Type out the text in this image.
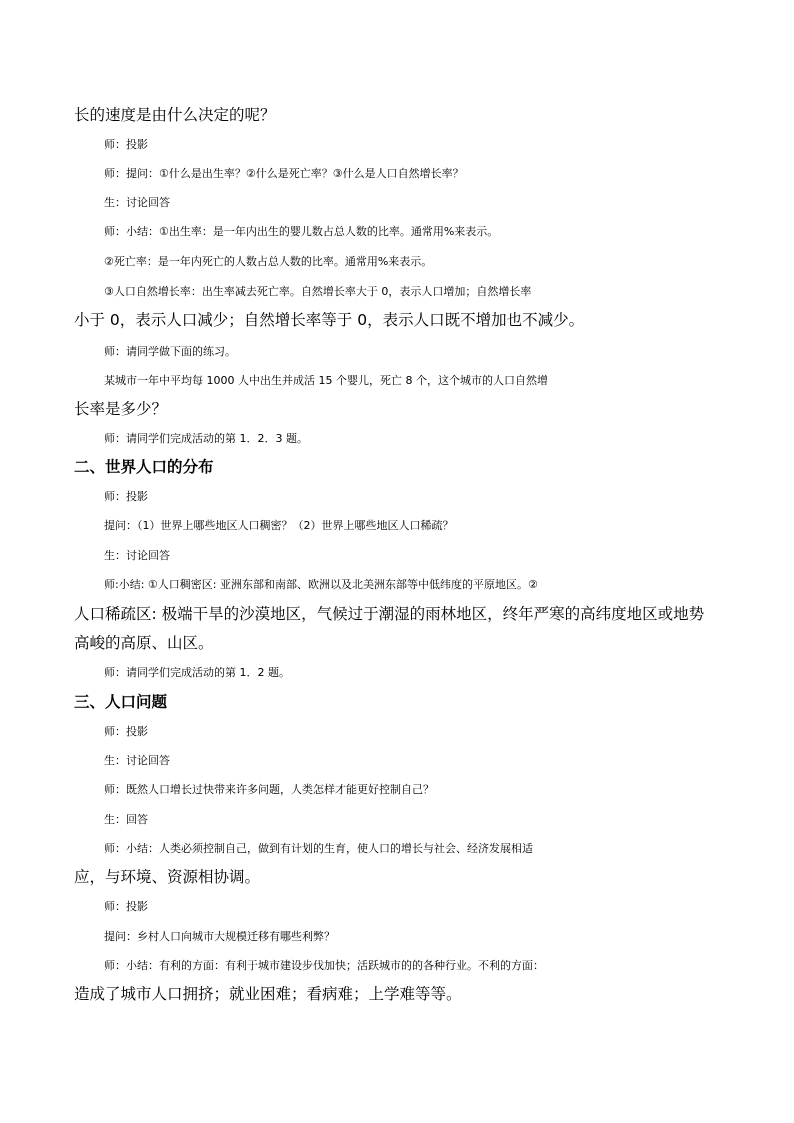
长的速度是由什么决定的呢？

师：投影

师：提问：①什么是出生率？②什么是死亡率？③什么是人口自然增长率？

生：讨论回答

师：小结：①出生率：是一年内出生的婴儿数占总人数的比率。通常用%来表示。

②死亡率：是一年内死亡的人数占总人数的比率。通常用%来表示。

③人口自然增长率：出生率减去死亡率。自然增长率大于 0，表示人口增加；自然增长率

小于 0，表示人口减少；自然增长率等于 0，表示人口既不增加也不减少。

师：请同学做下面的练习。

某城市一年中平均每 1000 人中出生并成活 15 个婴儿，死亡 8 个，这个城市的人口自然增

长率是多少？

师：请同学们完成活动的第 1．2．3 题。

二、世界人口的分布

师：投影

提问：（1）世界上哪些地区人口稠密？（2）世界上哪些地区人口稀疏？

生：讨论回答

师:小结: ①人口稠密区: 亚洲东部和南部、欧洲以及北美洲东部等中低纬度的平原地区。②

人口稀疏区: 极端干旱的沙漠地区，气候过于潮湿的雨林地区，终年严寒的高纬度地区或地势

高峻的高原、山区。

师：请同学们完成活动的第 1．2 题。

三、人口问题

师：投影

生：讨论回答

师：既然人口增长过快带来许多问题，人类怎样才能更好控制自己？

生：回答

师：小结：人类必须控制自己，做到有计划的生育，使人口的增长与社会、经济发展相适

应，与环境、资源相协调。

师：投影

提问：乡村人口向城市大规模迁移有哪些利弊？

师：小结：有利的方面：有利于城市建设步伐加快；活跃城市的的各种行业。不利的方面：

造成了城市人口拥挤；就业困难；看病难；上学难等等。
